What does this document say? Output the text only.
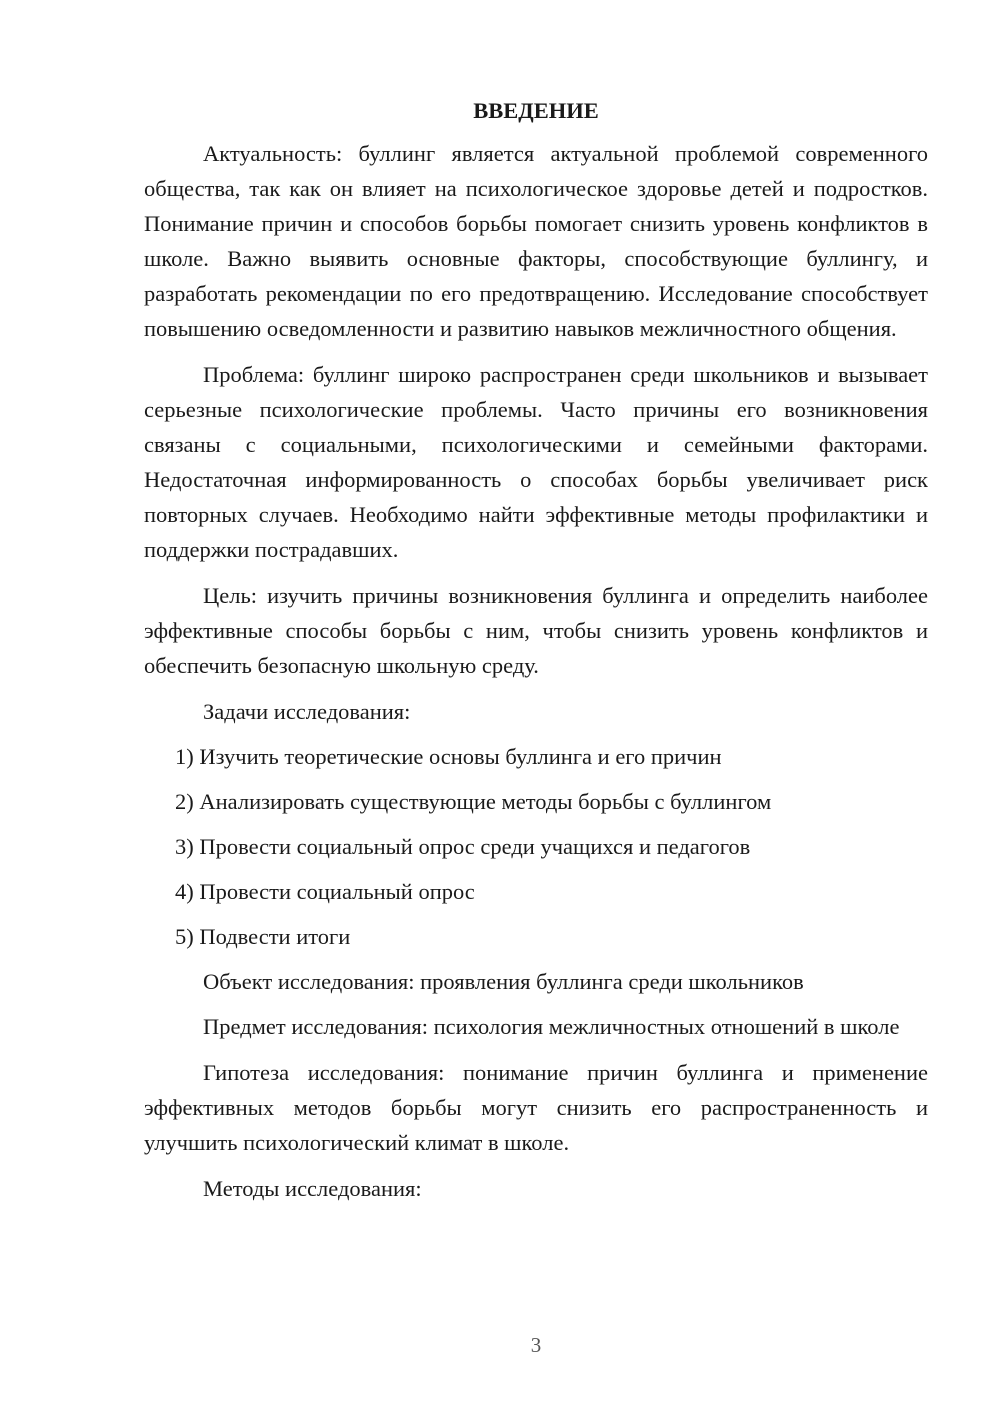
ВВЕДЕНИЕ

Актуальность: буллинг является актуальной проблемой современного общества, так как он влияет на психологическое здоровье детей и подростков. Понимание причин и способов борьбы помогает снизить уровень конфликтов в школе. Важно выявить основные факторы, способствующие буллингу, и разработать рекомендации по его предотвращению. Исследование способствует повышению осведомленности и развитию навыков межличностного общения.

Проблема: буллинг широко распространен среди школьников и вызывает серьезные психологические проблемы. Часто причины его возникновения связаны с социальными, психологическими и семейными факторами. Недостаточная информированность о способах борьбы увеличивает риск повторных случаев. Необходимо найти эффективные методы профилактики и поддержки пострадавших.

Цель: изучить причины возникновения буллинга и определить наиболее эффективные способы борьбы с ним, чтобы снизить уровень конфликтов и обеспечить безопасную школьную среду.

Задачи исследования:

1) Изучить теоретические основы буллинга и его причин

2) Анализировать существующие методы борьбы с буллингом

3) Провести социальный опрос среди учащихся и педагогов

4) Провести социальный опрос

5) Подвести итоги

Объект исследования: проявления буллинга среди школьников

Предмет исследования: психология межличностных отношений в школе

Гипотеза исследования: понимание причин буллинга и применение эффективных методов борьбы могут снизить его распространенность и улучшить психологический климат в школе.

Методы исследования:

3
